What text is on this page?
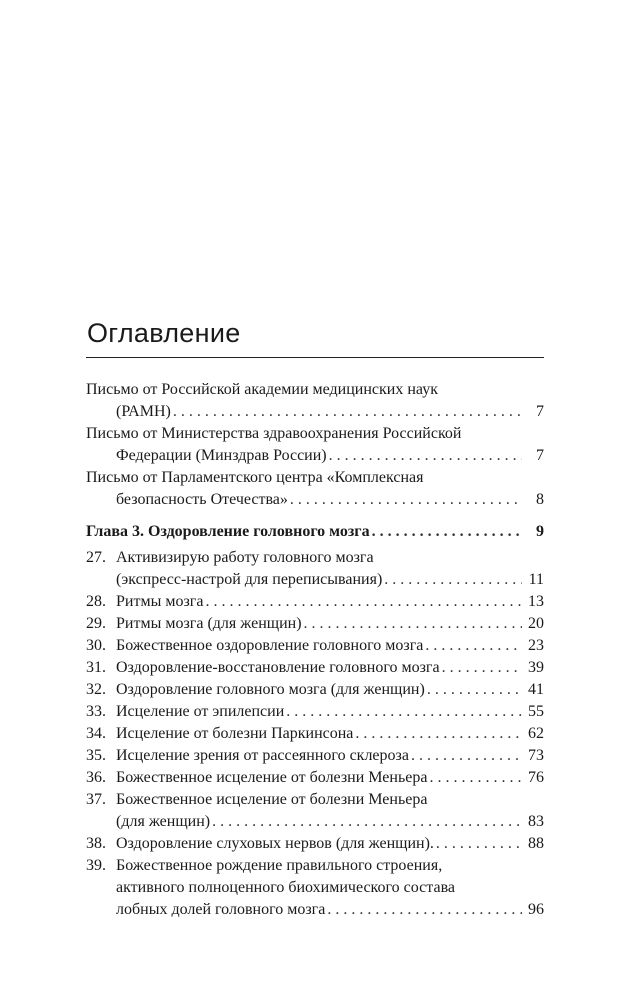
Оглавление
Письмо от Российской академии медицинских наук
(РАМН) . . .	7
Письмо от Министерства здравоохранения Российской
Федерации (Минздрав России) . . .	7
Письмо от Парламентского центра «Комплексная
безопасность Отечества» . . .	8
Глава 3. Оздоровление головного мозга . . .	9
27. Активизирую работу головного мозга
(экспресс-настрой для переписывания) . . .	11
28. Ритмы мозга . . .	13
29. Ритмы мозга (для женщин) . . .	20
30. Божественное оздоровление головного мозга . . .	23
31. Оздоровление-восстановление головного мозга . . .	39
32. Оздоровление головного мозга (для женщин) . . .	41
33. Исцеление от эпилепсии . . .	55
34. Исцеление от болезни Паркинсона . . .	62
35. Исцеление зрения от рассеянного склероза . . .	73
36. Божественное исцеление от болезни Меньера . . .	76
37. Божественное исцеление от болезни Меньера
(для женщин) . . .	83
38. Оздоровление слуховых нервов (для женщин). . . .	88
39. Божественное рождение правильного строения,
активного полноценного биохимического состава
лобных долей головного мозга . . .	96
